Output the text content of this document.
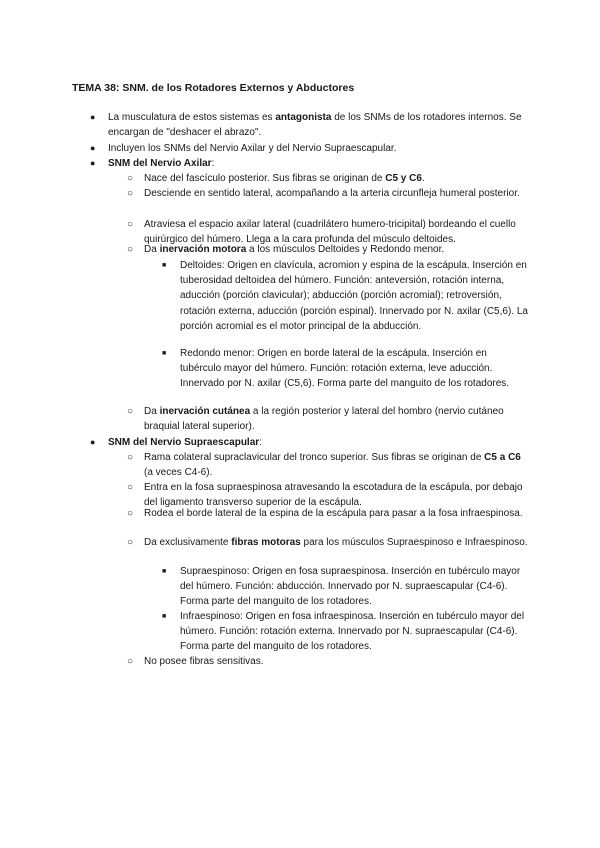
TEMA 38: SNM. de los Rotadores Externos y Abductores
● La musculatura de estos sistemas es antagonista de los SNMs de los rotadores internos. Se encargan de "deshacer el abrazo".
● Incluyen los SNMs del Nervio Axilar y del Nervio Supraescapular.
● SNM del Nervio Axilar:
○ Nace del fascículo posterior. Sus fibras se originan de C5 y C6.
○ Desciende en sentido lateral, acompañando a la arteria circunfleja humeral posterior.
○ Atraviesa el espacio axilar lateral (cuadrilátero humero-tricipital) bordeando el cuello quirúrgico del húmero. Llega a la cara profunda del músculo deltoides.
○ Da inervación motora a los músculos Deltoides y Redondo menor.
■ Deltoides: Origen en clavícula, acromion y espina de la escápula. Inserción en tuberosidad deltoidea del húmero. Función: anteversión, rotación interna, aducción (porción clavicular); abducción (porción acromial); retroversión, rotación externa, aducción (porción espinal). Innervado por N. axilar (C5,6). La porción acromial es el motor principal de la abducción.
■ Redondo menor: Origen en borde lateral de la escápula. Inserción en tubérculo mayor del húmero. Función: rotación externa, leve aducción. Innervado por N. axilar (C5,6). Forma parte del manguito de los rotadores.
○ Da inervación cutánea a la región posterior y lateral del hombro (nervio cutáneo braquial lateral superior).
● SNM del Nervio Supraescapular:
○ Rama colateral supraclavicular del tronco superior. Sus fibras se originan de C5 a C6 (a veces C4-6).
○ Entra en la fosa supraespinosa atravesando la escotadura de la escápula, por debajo del ligamento transverso superior de la escápula.
○ Rodea el borde lateral de la espina de la escápula para pasar a la fosa infraespinosa.
○ Da exclusivamente fibras motoras para los músculos Supraespinoso e Infraespinoso.
■ Supraespinoso: Origen en fosa supraespinosa. Inserción en tubérculo mayor del húmero. Función: abducción. Innervado por N. supraescapular (C4-6). Forma parte del manguito de los rotadores.
■ Infraespinoso: Origen en fosa infraespinosa. Inserción en tubérculo mayor del húmero. Función: rotación externa. Innervado por N. supraescapular (C4-6). Forma parte del manguito de los rotadores.
○ No posee fibras sensitivas.
